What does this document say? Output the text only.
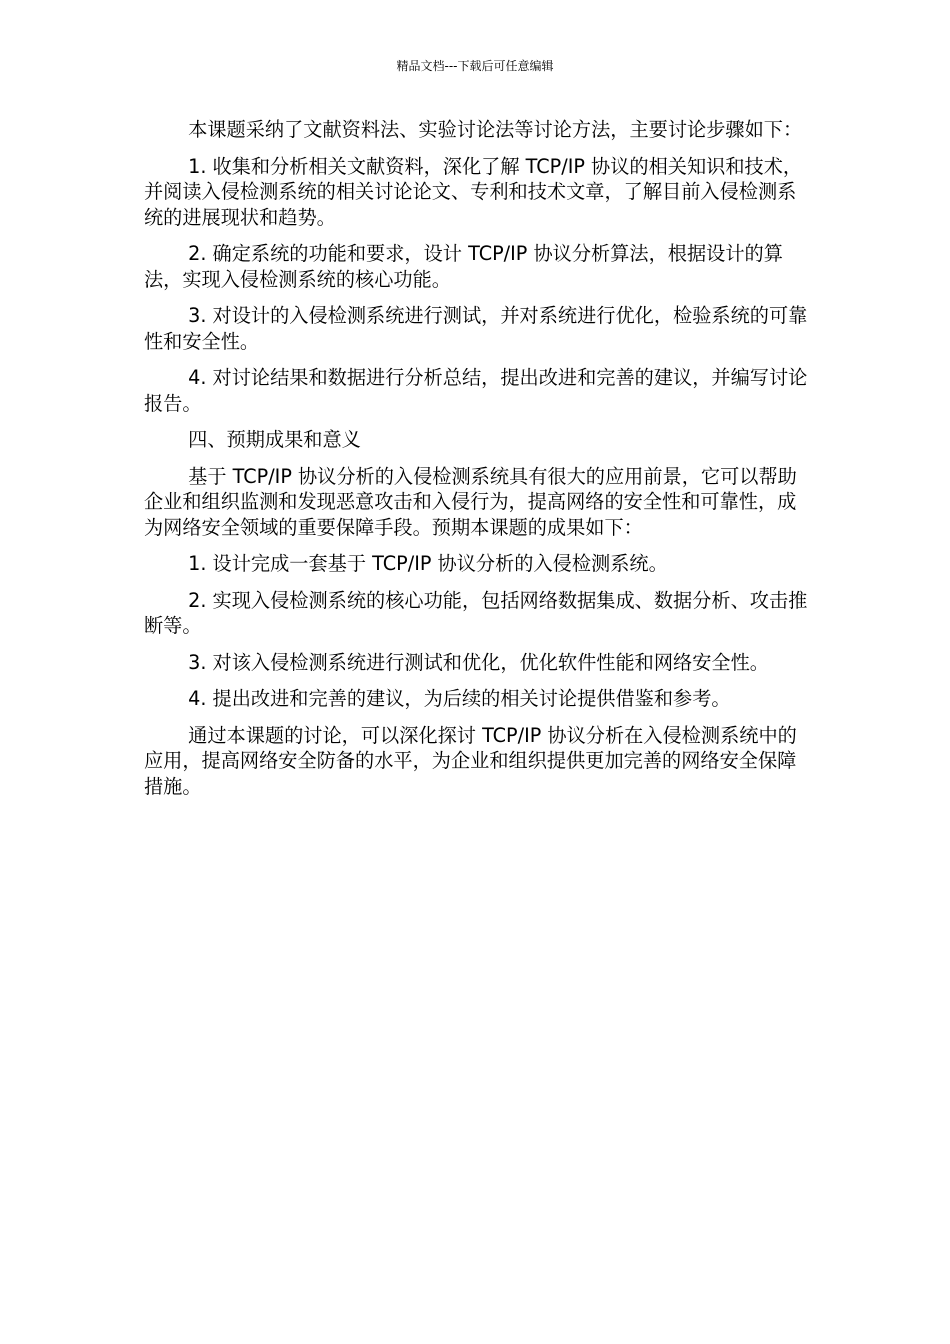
精品文档---下载后可任意编辑

本课题采纳了文献资料法、实验讨论法等讨论方法，主要讨论步骤如下：

1. 收集和分析相关文献资料，深化了解 TCP/IP 协议的相关知识和技术，并阅读入侵检测系统的相关讨论论文、专利和技术文章，了解目前入侵检测系统的进展现状和趋势。

2. 确定系统的功能和要求，设计 TCP/IP 协议分析算法，根据设计的算法，实现入侵检测系统的核心功能。

3. 对设计的入侵检测系统进行测试，并对系统进行优化，检验系统的可靠性和安全性。

4. 对讨论结果和数据进行分析总结，提出改进和完善的建议，并编写讨论报告。

四、预期成果和意义

基于 TCP/IP 协议分析的入侵检测系统具有很大的应用前景，它可以帮助企业和组织监测和发现恶意攻击和入侵行为，提高网络的安全性和可靠性，成为网络安全领域的重要保障手段。预期本课题的成果如下：

1. 设计完成一套基于 TCP/IP 协议分析的入侵检测系统。

2. 实现入侵检测系统的核心功能，包括网络数据集成、数据分析、攻击推断等。

3. 对该入侵检测系统进行测试和优化，优化软件性能和网络安全性。

4. 提出改进和完善的建议，为后续的相关讨论提供借鉴和参考。

通过本课题的讨论，可以深化探讨 TCP/IP 协议分析在入侵检测系统中的应用，提高网络安全防备的水平，为企业和组织提供更加完善的网络安全保障措施。
